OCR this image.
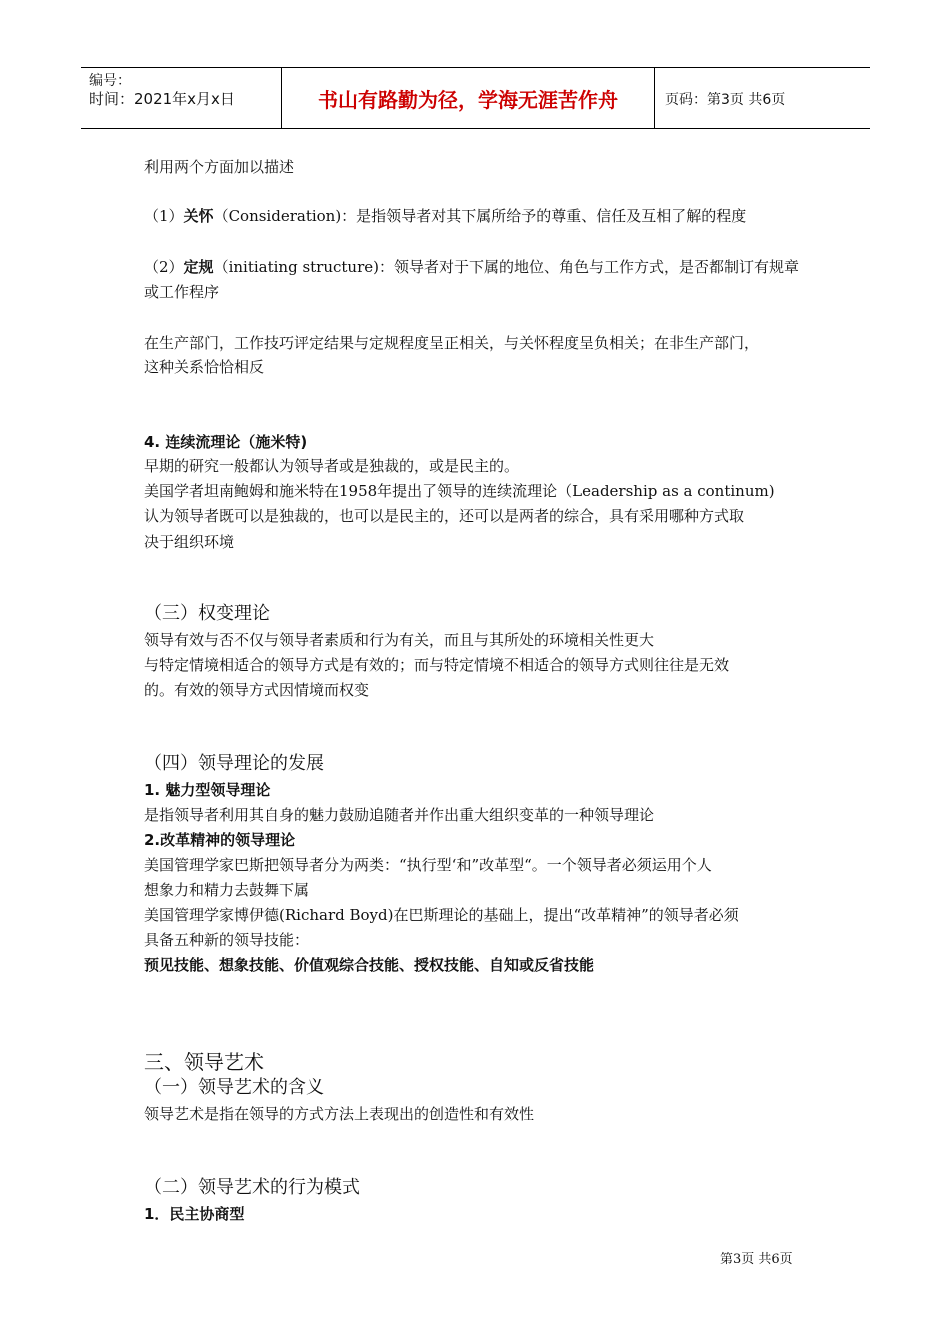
编号：
时间：2021年x月x日	书山有路勤为径，学海无涯苦作舟	页码：第3页 共6页
利用两个方面加以描述
（1）关怀（Consideration)：是指领导者对其下属所给予的尊重、信任及互相了解的程度
（2）定规（initiating structure)：领导者对于下属的地位、角色与工作方式，是否都制订有规章
或工作程序
在生产部门，工作技巧评定结果与定规程度呈正相关，与关怀程度呈负相关；在非生产部门，
这种关系恰恰相反
4. 连续流理论（施米特)
早期的研究一般都认为领导者或是独裁的，或是民主的。
美国学者坦南鲍姆和施米特在1958年提出了领导的连续流理论（Leadership as a continum)
认为领导者既可以是独裁的，也可以是民主的，还可以是两者的综合，具有采用哪种方式取
决于组织环境
（三）权变理论
领导有效与否不仅与领导者素质和行为有关，而且与其所处的环境相关性更大
与特定情境相适合的领导方式是有效的；而与特定情境不相适合的领导方式则往往是无效
的。有效的领导方式因情境而权变
（四）领导理论的发展
1. 魅力型领导理论
是指领导者利用其自身的魅力鼓励追随者并作出重大组织变革的一种领导理论
2.改革精神的领导理论
美国管理学家巴斯把领导者分为两类：“执行型‘和”改革型“。一个领导者必须运用个人
想象力和精力去鼓舞下属
美国管理学家博伊德(Richard Boyd)在巴斯理论的基础上，提出“改革精神”的领导者必须
具备五种新的领导技能：
预见技能、想象技能、价值观综合技能、授权技能、自知或反省技能
三、领导艺术
（一）领导艺术的含义
领导艺术是指在领导的方式方法上表现出的创造性和有效性
（二）领导艺术的行为模式
1．民主协商型
第3页 共6页
